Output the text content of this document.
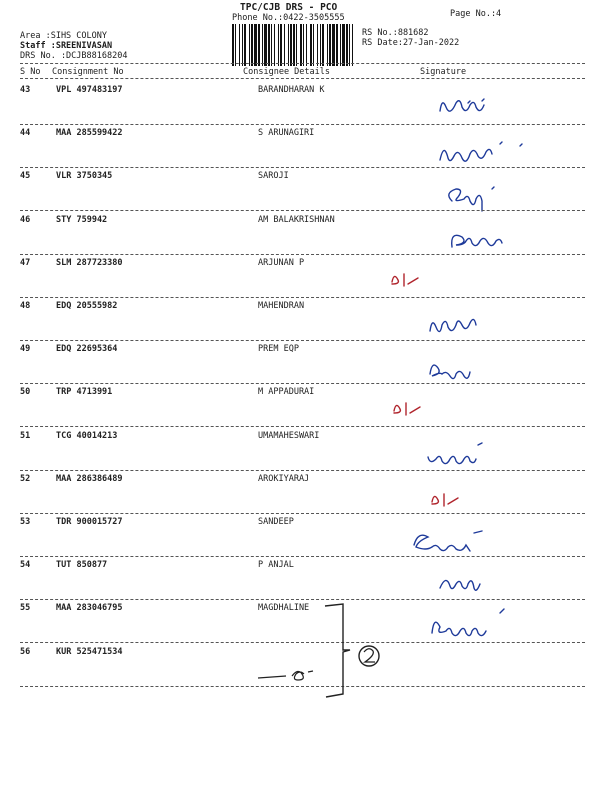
TPC/CJB DRS - PCO
Phone No.:0422-3505555	Page No.:4
RS No.:881682
RS Date:27-Jan-2022
Area :SIHS COLONY
Staff :SREENIVASAN
DRS No. :DCJB88168204
S No Consignment No	Consignee Details	Signature
43	VPL 497483197	BARANDHARAN K
44	MAA 285599422	S ARUNAGIRI
45	VLR 3750345	SAROJI
46	STY 759942	AM BALAKRISHNAN
47	SLM 287723380	ARJUNAN P
48	EDQ 20555982	MAHENDRAN
49	EDQ 22695364	PREM EQP
50	TRP 4713991	M APPADURAI
51	TCG 40014213	UMAMAHESWARI
52	MAA 286386489	AROKIYARAJ
53	TDR 900015727	SANDEEP
54	TUT 850877	P ANJAL
55	MAA 283046795	MAGDHALINE
56	KUR 525471534
